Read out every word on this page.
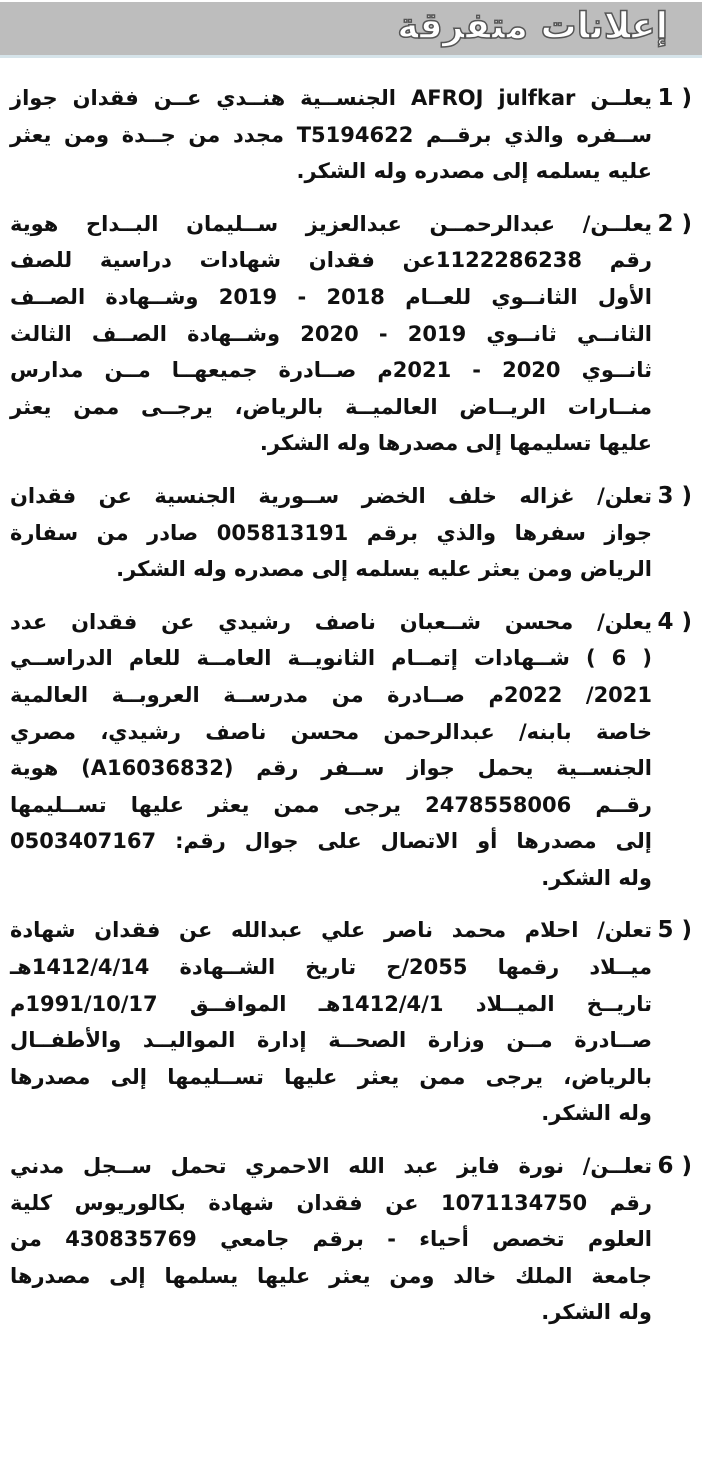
إعلانات متفرقة
1 )
يعلــن AFROJ julfkar الجنســية هنــدي عــن فقدان جواز
ســفره والذي برقــم T5194622 مجدد من جــدة ومن يعثر
عليه يسلمه إلى مصدره وله الشكر.
2 )
يعلــن/ عبدالرحمــن عبدالعزيز ســليمان البــداح هوية
رقم 1122286238عن فقدان شهادات دراسية للصف
الأول الثانــوي للعــام 2018 - 2019 وشــهادة الصــف
الثانــي ثانــوي 2019 - 2020 وشــهادة الصــف الثالث
ثانــوي 2020 - 2021م صــادرة جميعهــا مــن مدارس
منــارات الريــاض العالميــة بالرياض، يرجــى ممن يعثر
عليها تسليمها إلى مصدرها وله الشكر.
3 )
تعلن/ غزاله خلف الخضر ســورية الجنسية عن فقدان
جواز سفرها والذي برقم 005813191 صادر من سفارة
الرياض ومن يعثر عليه يسلمه إلى مصدره وله الشكر.
4 )
يعلن/ محسن شــعبان ناصف رشيدي عن فقدان عدد
( 6 ) شــهادات إتمــام الثانويــة العامــة للعام الدراســي
2021/ 2022م صــادرة من مدرســة العروبــة العالمية
خاصة بابنه/ عبدالرحمن محسن ناصف رشيدي، مصري
الجنســية يحمل جواز ســفر رقم (A16036832) هوية
رقــم 2478558006 يرجى ممن يعثر عليها تســليمها
إلى مصدرها أو الاتصال على جوال رقم: 0503407167
وله الشكر.
5 )
تعلن/ احلام محمد ناصر علي عبدالله عن فقدان شهادة
ميــلاد رقمها 2055/ح تاريخ الشــهادة 1412/4/14هـ
تاريــخ الميــلاد 1412/4/1هـ الموافــق 1991/10/17م
صــادرة مــن وزارة الصحــة إدارة المواليــد والأطفــال
بالرياض، يرجى ممن يعثر عليها تســليمها إلى مصدرها
وله الشكر.
6 )
تعلــن/ نورة فايز عبد الله الاحمري تحمل ســجل مدني
رقم 1071134750 عن فقدان شهادة بكالوريوس كلية
العلوم تخصص أحياء - برقم جامعي 430835769 من
جامعة الملك خالد ومن يعثر عليها يسلمها إلى مصدرها
وله الشكر.
